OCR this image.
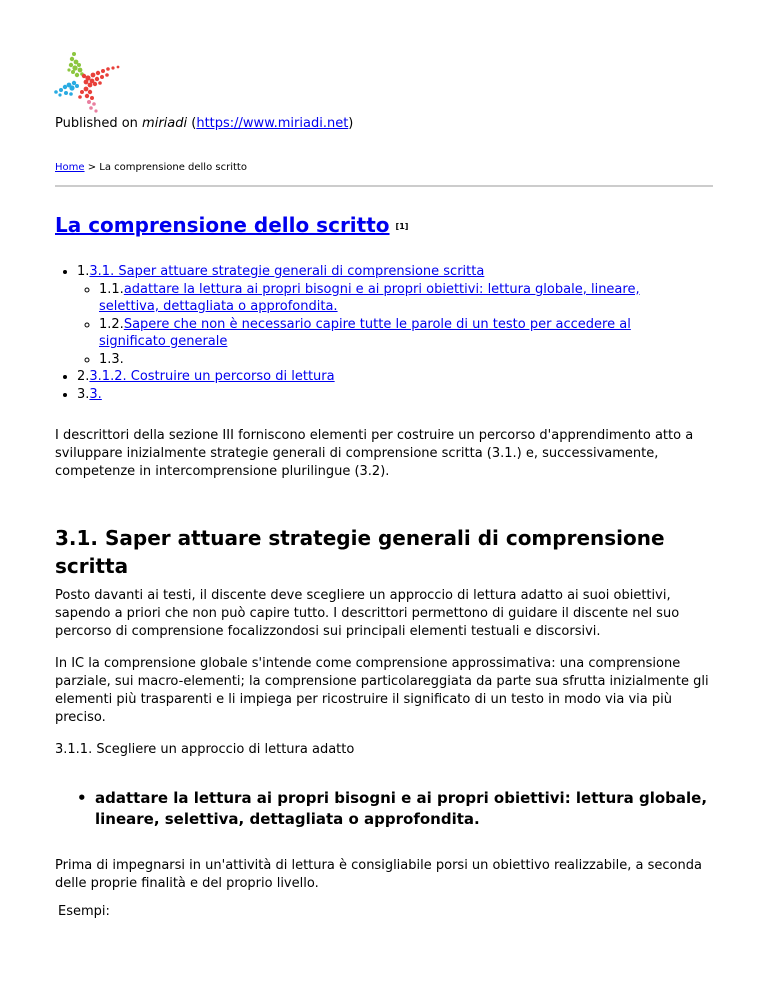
Published on miriadi (https://www.miriadi.net)
Home > La comprensione dello scritto
La comprensione dello scritto [1]
• 1.3.1. Saper attuare strategie generali di comprensione scritta
◦ 1.1.adattare la lettura ai propri bisogni e ai propri obiettivi: lettura globale, lineare, selettiva, dettagliata o approfondita.
◦ 1.2.Sapere che non è necessario capire tutte le parole di un testo per accedere al significato generale
◦ 1.3.
• 2.3.1.2. Costruire un percorso di lettura
• 3.3.

I descrittori della sezione III forniscono elementi per costruire un percorso d'apprendimento atto a sviluppare inizialmente strategie generali di comprensione scritta (3.1.) e, successivamente, competenze in intercomprensione plurilingue (3.2).

3.1. Saper attuare strategie generali di comprensione scritta

Posto davanti ai testi, il discente deve scegliere un approccio di lettura adatto ai suoi obiettivi, sapendo a priori che non può capire tutto. I descrittori permettono di guidare il discente nel suo percorso di comprensione focalizzondosi sui principali elementi testuali e discorsivi.

In IC la comprensione globale s'intende come comprensione approssimativa: una comprensione parziale, sui macro-elementi; la comprensione particolareggiata da parte sua sfrutta inizialmente gli elementi più trasparenti e li impiega per ricostruire il significato di un testo in modo via via più preciso.

3.1.1. Scegliere un approccio di lettura adatto

• adattare la lettura ai propri bisogni e ai propri obiettivi: lettura globale, lineare, selettiva, dettagliata o approfondita.

Prima di impegnarsi in un'attività di lettura è consigliabile porsi un obiettivo realizzabile, a seconda delle proprie finalità e del proprio livello.

Esempi:
